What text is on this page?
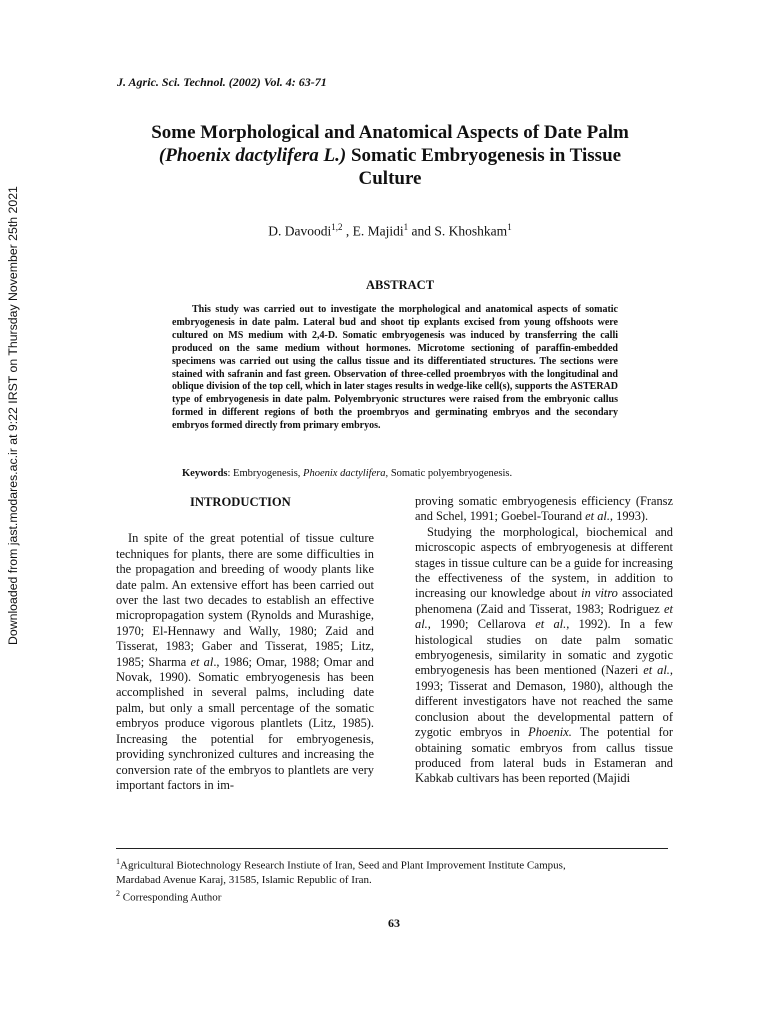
Downloaded from jast.modares.ac.ir at 9:22 IRST on Thursday November 25th 2021
J. Agric. Sci. Technol. (2002) Vol. 4: 63-71
Some Morphological and Anatomical Aspects of Date Palm
(Phoenix dactylifera L.) Somatic Embryogenesis in Tissue
Culture
D. Davoodi$^{1,2}$ , E. Majidi$^1$ and S. Khoshkam$^1$
ABSTRACT
This study was carried out to investigate the morphological and anatomical aspects of somatic embryogenesis in date palm. Lateral bud and shoot tip explants excised from young offshoots were cultured on MS medium with 2,4-D. Somatic embryogenesis was induced by transferring the calli produced on the same medium without hormones. Microtome sectioning of paraffin-embedded specimens was carried out using the callus tissue and its differentiated structures. The sections were stained with safranin and fast green. Observation of three-celled proembryos with the longitudinal and oblique division of the top cell, which in later stages results in wedge-like cell(s), supports the ASTERAD type of embryogenesis in date palm. Polyembryonic structures were raised from the embryonic callus formed in different regions of both the proembryos and germinating embryos and the secondary embryos formed directly from primary embryos.
Keywords: Embryogenesis, Phoenix dactylifera, Somatic polyembryogenesis.

INTRODUCTION

In spite of the great potential of tissue culture techniques for plants, there are some difficulties in the propagation and breeding of woody plants like date palm. An extensive effort has been carried out over the last two decades to establish an effective micropropagation system (Rynolds and Murashige, 1970; El-Hennawy and Wally, 1980; Zaid and Tisserat, 1983; Gaber and Tisserat, 1985; Litz, 1985; Sharma et al., 1986; Omar, 1988; Omar and Novak, 1990). Somatic embryogenesis has been accomplished in several palms, including date palm, but only a small percentage of the somatic embryos produce vigorous plantlets (Litz, 1985). Increasing the potential for embryogenesis, providing synchronized cultures and increasing the conversion rate of the embryos to plantlets are very important factors in im-

proving somatic embryogenesis efficiency (Fransz and Schel, 1991; Goebel-Tourand et al., 1993).

Studying the morphological, biochemical and microscopic aspects of embryogenesis at different stages in tissue culture can be a guide for increasing the effectiveness of the system, in addition to increasing our knowledge about in vitro associated phenomena (Zaid and Tisserat, 1983; Rodriguez et al., 1990; Cellarova et al., 1992). In a few histological studies on date palm somatic embryogenesis, similarity in somatic and zygotic embryogenesis has been mentioned (Nazeri et al., 1993; Tisserat and Demason, 1980), although the different investigators have not reached the same conclusion about the developmental pattern of zygotic embryos in Phoenix. The potential for obtaining somatic embryos from callus tissue produced from lateral buds in Estameran and Kabkab cultivars has been reported (Majidi

$^1$Agricultural Biotechnology Research Instiute of Iran, Seed and Plant Improvement Institute Campus,

Mardabad Avenue Karaj, 31585, Islamic Republic of Iran.

$^2$ Corresponding Author

63
